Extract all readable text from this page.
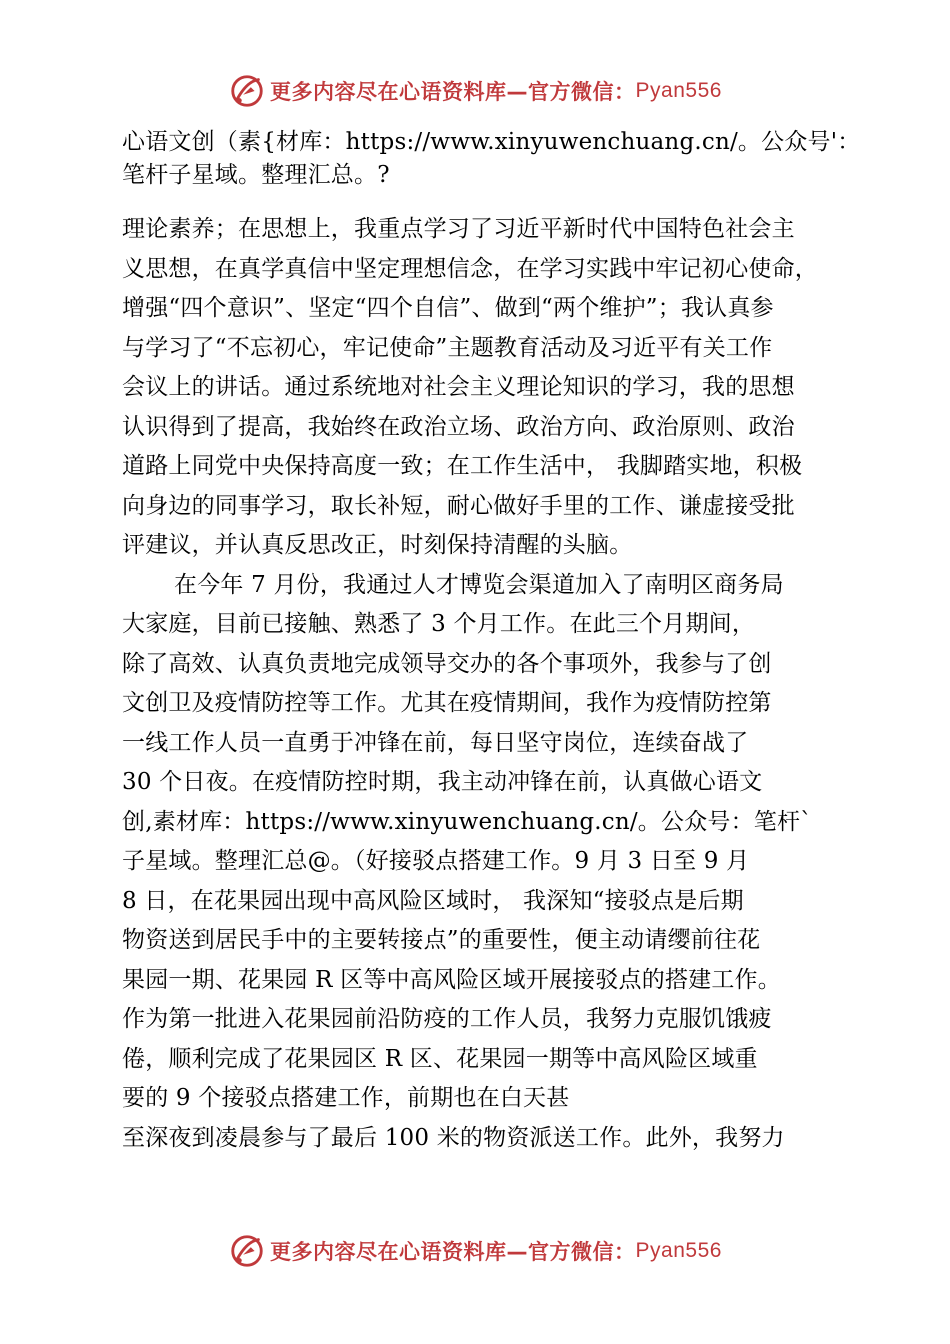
更多内容尽在心语资料库—官方微信： Pyan556
心语文创（素{材库：https://www.xinyuwenchuang.cn/。公众号'：
笔杆子星域。整理汇总。?
理论素养；在思想上，我重点学习了习近平新时代中国特色社会主
义思想，在真学真信中坚定理想信念，在学习实践中牢记初心使命，
增强“四个意识”、坚定“四个自信”、做到“两个维护”；我认真参
与学习了“不忘初心，牢记使命”主题教育活动及习近平有关工作
会议上的讲话。通过系统地对社会主义理论知识的学习，我的思想
认识得到了提高，我始终在政治立场、政治方向、政治原则、政治
道路上同党中央保持高度一致；在工作生活中， 我脚踏实地，积极
向身边的同事学习，取长补短，耐心做好手里的工作、谦虚接受批
评建议，并认真反思改正，时刻保持清醒的头脑。
在今年 7 月份，我通过人才博览会渠道加入了南明区商务局
大家庭，目前已接触、熟悉了 3 个月工作。在此三个月期间，
除了高效、认真负责地完成领导交办的各个事项外，我参与了创
文创卫及疫情防控等工作。尤其在疫情期间，我作为疫情防控第
一线工作人员一直勇于冲锋在前，每日坚守岗位，连续奋战了
30 个日夜。在疫情防控时期，我主动冲锋在前，认真做心语文
创,素材库：https://www.xinyuwenchuang.cn/。公众号：笔杆`
子星域。整理汇总@。（好接驳点搭建工作。9 月 3 日至 9 月
8 日，在花果园出现中高风险区域时， 我深知“接驳点是后期
物资送到居民手中的主要转接点”的重要性，便主动请缨前往花
果园一期、花果园 R 区等中高风险区域开展接驳点的搭建工作。
作为第一批进入花果园前沿防疫的工作人员，我努力克服饥饿疲
倦，顺利完成了花果园区 R 区、花果园一期等中高风险区域重
要的 9 个接驳点搭建工作，前期也在白天甚
至深夜到凌晨参与了最后 100 米的物资派送工作。此外，我努力
更多内容尽在心语资料库—官方微信： Pyan556
